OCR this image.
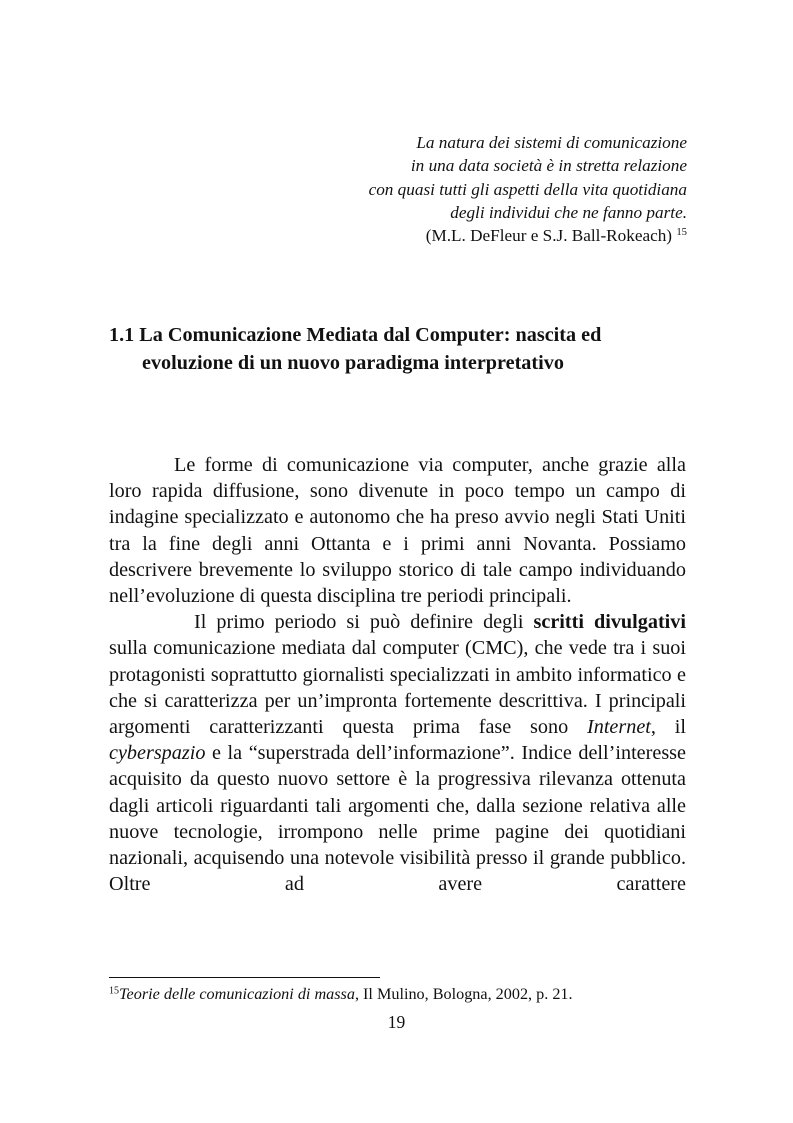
La natura dei sistemi di comunicazione
in una data società è in stretta relazione
con quasi tutti gli aspetti della vita quotidiana
degli individui che ne fanno parte.
(M.L. DeFleur e S.J. Ball-Rokeach) $^{15}$
1.1 La Comunicazione Mediata dal Computer: nascita ed
evoluzione di un nuovo paradigma interpretativo

Le forme di comunicazione via computer, anche grazie alla loro rapida diffusione, sono divenute in poco tempo un campo di indagine specializzato e autonomo che ha preso avvio negli Stati Uniti tra la fine degli anni Ottanta e i primi anni Novanta. Possiamo descrivere brevemente lo sviluppo storico di tale campo individuando nell’evoluzione di questa disciplina tre periodi principali.

Il primo periodo si può definire degli scritti divulgativi sulla comunicazione mediata dal computer (CMC), che vede tra i suoi protagonisti soprattutto giornalisti specializzati in ambito informatico e che si caratterizza per un’impronta fortemente descrittiva. I principali argomenti caratterizzanti questa prima fase sono Internet, il cyberspazio e la “superstrada dell’informazione”. Indice dell’interesse acquisito da questo nuovo settore è la progressiva rilevanza ottenuta dagli articoli riguardanti tali argomenti che, dalla sezione relativa alle nuove tecnologie, irrompono nelle prime pagine dei quotidiani nazionali, acquisendo una notevole visibilità presso il grande pubblico. Oltre ad avere carattere

$^{15}$Teorie delle comunicazioni di massa, Il Mulino, Bologna, 2002, p. 21.
19
